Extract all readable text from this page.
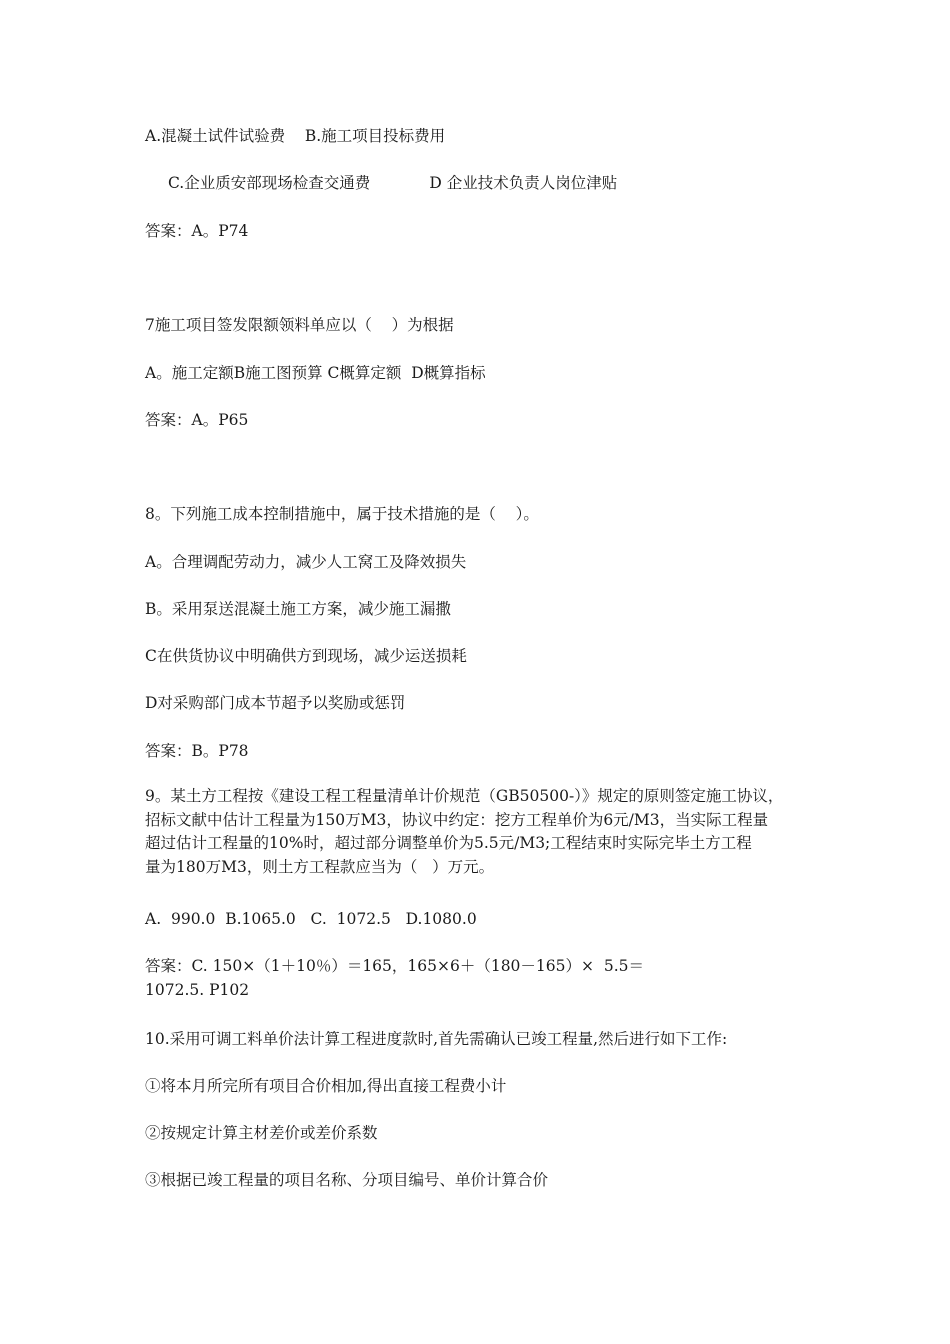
A.混凝土试件试验费    B.施工项目投标费用
C.企业质安部现场检查交通费            D 企业技术负责人岗位津贴
答案：A。P74
7施工项目签发限额领料单应以（    ）为根据
A。施工定额B施工图预算 C概算定额  D概算指标
答案：A。P65
8。下列施工成本控制措施中，属于技术措施的是（    ）。
A。合理调配劳动力，减少人工窝工及降效损失
B。采用泵送混凝土施工方案，减少施工漏撒
C在供货协议中明确供方到现场，减少运送损耗
D对采购部门成本节超予以奖励或惩罚
答案：B。P78
9。某土方工程按《建设工程工程量清单计价规范（GB50500-）》规定的原则签定施工协议，
招标文献中估计工程量为150万M3，协议中约定：挖方工程单价为6元/M3，当实际工程量
超过估计工程量的10%时，超过部分调整单价为5.5元/M3;工程结束时实际完毕土方工程
量为180万M3，则土方工程款应当为（   ）万元。
A.  990.0  B.1065.0   C.  1072.5   D.1080.0
答案：C. 150×（1＋10％）＝165，165×6＋（180－165）×  5.5＝
1072.5. P102
10.采用可调工料单价法计算工程进度款时,首先需确认已竣工程量,然后进行如下工作:
①将本月所完所有项目合价相加,得出直接工程费小计
②按规定计算主材差价或差价系数
③根据已竣工程量的项目名称、分项目编号、单价计算合价
